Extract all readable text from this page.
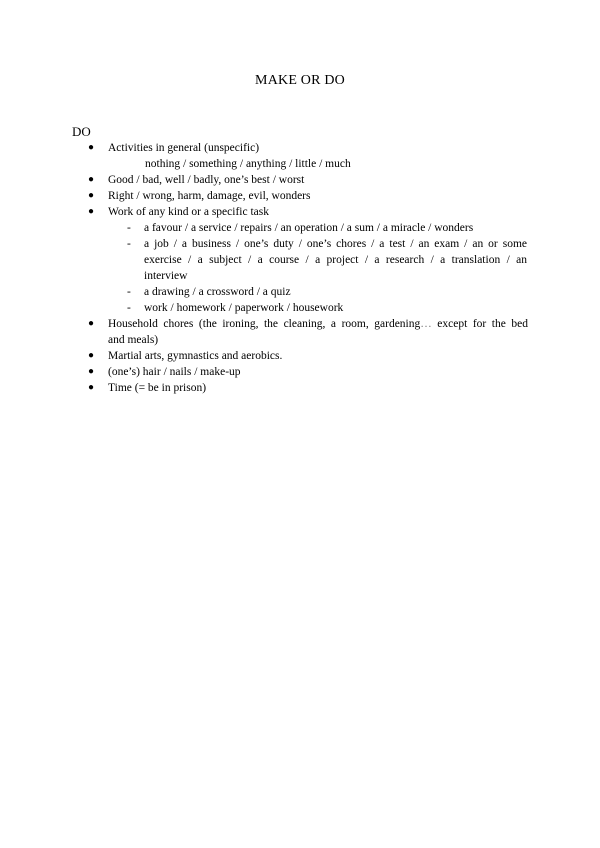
MAKE OR DO
DO
● Activities in general (unspecific)
nothing / something / anything / little / much
● Good / bad, well / badly, one’s best / worst
● Right / wrong, harm, damage, evil, wonders
● Work of any kind or a specific task
- a favour / a service / repairs / an operation / a sum / a miracle / wonders
- a job / a business / one’s duty / one’s chores / a test / an exam / an or some
exercise / a subject / a course / a project / a research / a translation / an
interview
- a drawing / a crossword / a quiz
- work / homework / paperwork / housework
● Household chores (the ironing, the cleaning, a room, gardening… except for the bed
and meals)
● Martial arts, gymnastics and aerobics.
● (one’s) hair / nails / make-up
● Time (= be in prison)
